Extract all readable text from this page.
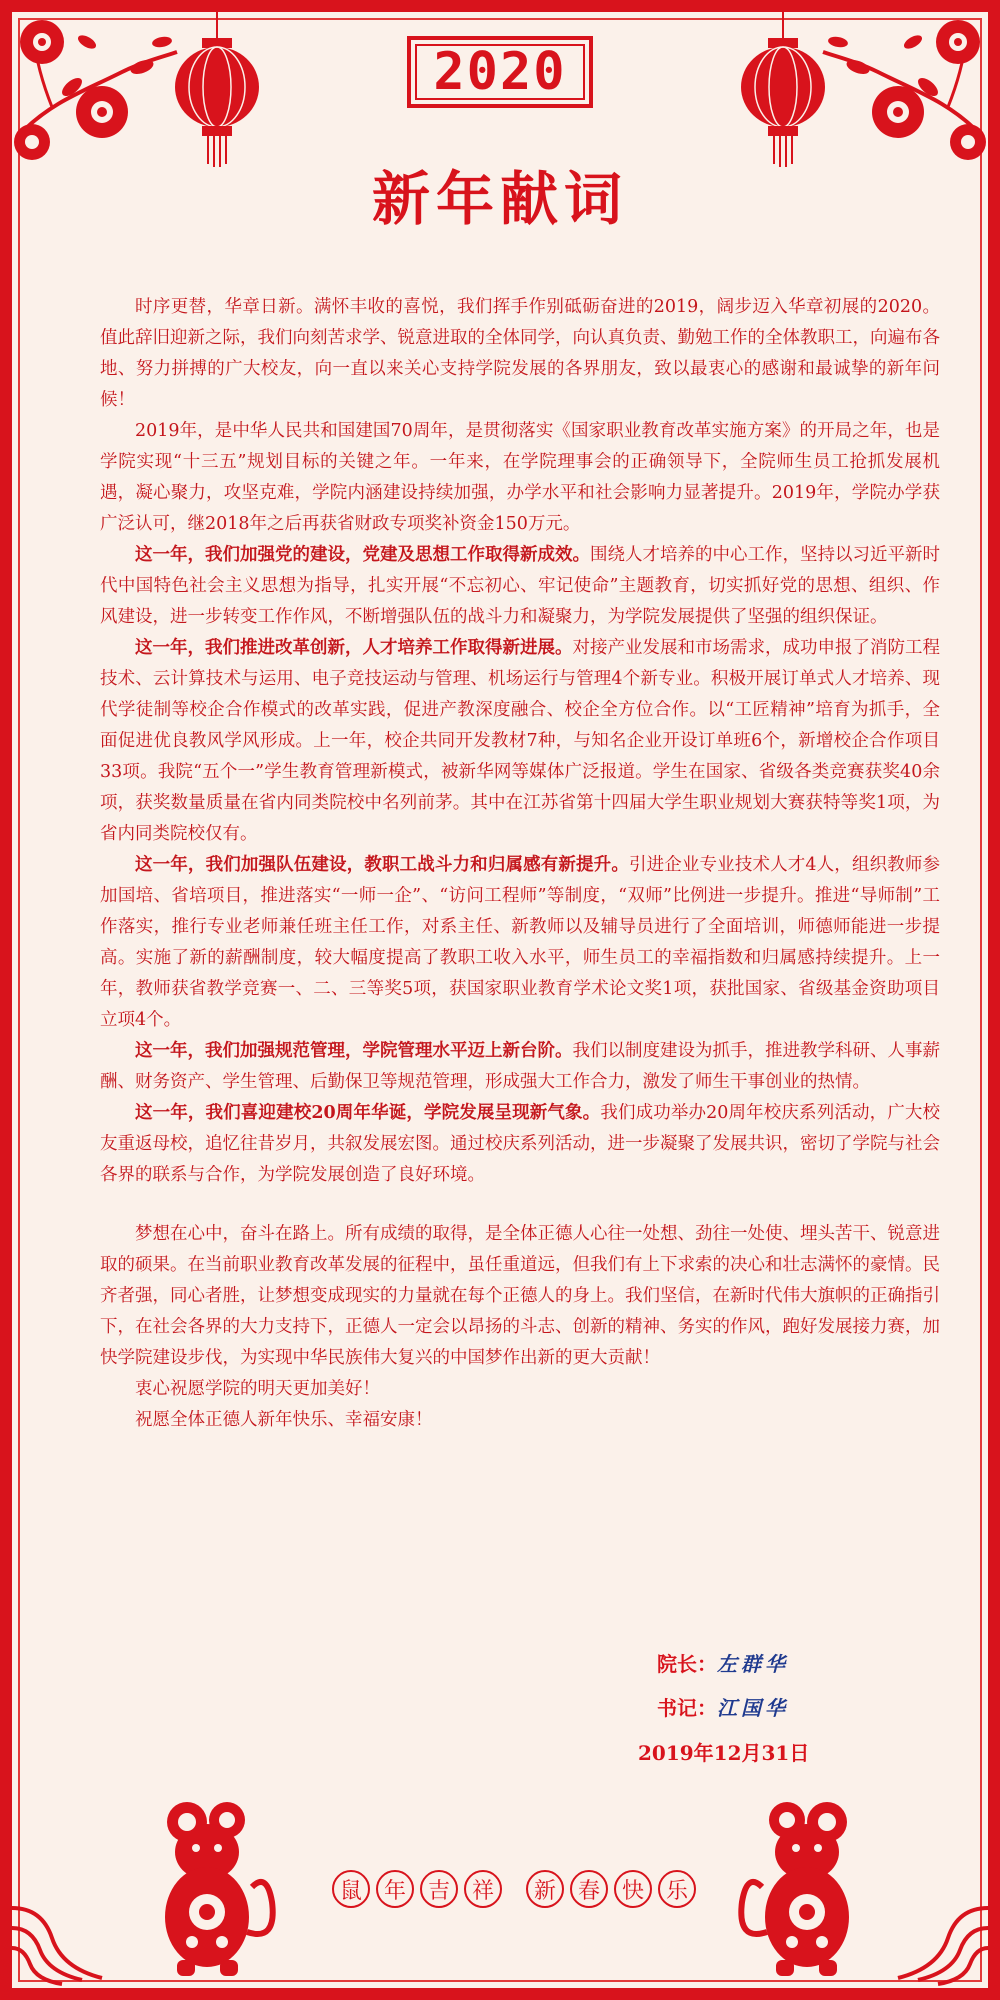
2020
新年献词

时序更替，华章日新。满怀丰收的喜悦，我们挥手作别砥砺奋进的2019，阔步迈入华章初展的2020。值此辞旧迎新之际，我们向刻苦求学、锐意进取的全体同学，向认真负责、勤勉工作的全体教职工，向遍布各地、努力拼搏的广大校友，向一直以来关心支持学院发展的各界朋友，致以最衷心的感谢和最诚挚的新年问候！

2019年，是中华人民共和国建国70周年，是贯彻落实《国家职业教育改革实施方案》的开局之年，也是学院实现“十三五”规划目标的关键之年。一年来，在学院理事会的正确领导下，全院师生员工抢抓发展机遇，凝心聚力，攻坚克难，学院内涵建设持续加强，办学水平和社会影响力显著提升。2019年，学院办学获广泛认可，继2018年之后再获省财政专项奖补资金150万元。

这一年，我们加强党的建设，党建及思想工作取得新成效。围绕人才培养的中心工作，坚持以习近平新时代中国特色社会主义思想为指导，扎实开展“不忘初心、牢记使命”主题教育，切实抓好党的思想、组织、作风建设，进一步转变工作作风，不断增强队伍的战斗力和凝聚力，为学院发展提供了坚强的组织保证。

这一年，我们推进改革创新，人才培养工作取得新进展。对接产业发展和市场需求，成功申报了消防工程技术、云计算技术与运用、电子竞技运动与管理、机场运行与管理4个新专业。积极开展订单式人才培养、现代学徒制等校企合作模式的改革实践，促进产教深度融合、校企全方位合作。以“工匠精神”培育为抓手，全面促进优良教风学风形成。上一年，校企共同开发教材7种，与知名企业开设订单班6个，新增校企合作项目33项。我院“五个一”学生教育管理新模式，被新华网等媒体广泛报道。学生在国家、省级各类竞赛获奖40余项，获奖数量质量在省内同类院校中名列前茅。其中在江苏省第十四届大学生职业规划大赛获特等奖1项，为省内同类院校仅有。

这一年，我们加强队伍建设，教职工战斗力和归属感有新提升。引进企业专业技术人才4人，组织教师参加国培、省培项目，推进落实“一师一企”、“访问工程师”等制度，“双师”比例进一步提升。推进“导师制”工作落实，推行专业老师兼任班主任工作，对系主任、新教师以及辅导员进行了全面培训，师德师能进一步提高。实施了新的薪酬制度，较大幅度提高了教职工收入水平，师生员工的幸福指数和归属感持续提升。上一年，教师获省教学竞赛一、二、三等奖5项，获国家职业教育学术论文奖1项，获批国家、省级基金资助项目立项4个。

这一年，我们加强规范管理，学院管理水平迈上新台阶。我们以制度建设为抓手，推进教学科研、人事薪酬、财务资产、学生管理、后勤保卫等规范管理，形成强大工作合力，激发了师生干事创业的热情。

这一年，我们喜迎建校20周年华诞，学院发展呈现新气象。我们成功举办20周年校庆系列活动，广大校友重返母校，追忆往昔岁月，共叙发展宏图。通过校庆系列活动，进一步凝聚了发展共识，密切了学院与社会各界的联系与合作，为学院发展创造了良好环境。

梦想在心中，奋斗在路上。所有成绩的取得，是全体正德人心往一处想、劲往一处使、埋头苦干、锐意进取的硕果。在当前职业教育改革发展的征程中，虽任重道远，但我们有上下求索的决心和壮志满怀的豪情。民齐者强，同心者胜，让梦想变成现实的力量就在每个正德人的身上。我们坚信，在新时代伟大旗帜的正确指引下，在社会各界的大力支持下，正德人一定会以昂扬的斗志、创新的精神、务实的作风，跑好发展接力赛，加快学院建设步伐，为实现中华民族伟大复兴的中国梦作出新的更大贡献！

衷心祝愿学院的明天更加美好！

祝愿全体正德人新年快乐、幸福安康！

院长：左群华
书记：江国华
2019年12月31日
鼠 年 吉 祥	新 春 快 乐
